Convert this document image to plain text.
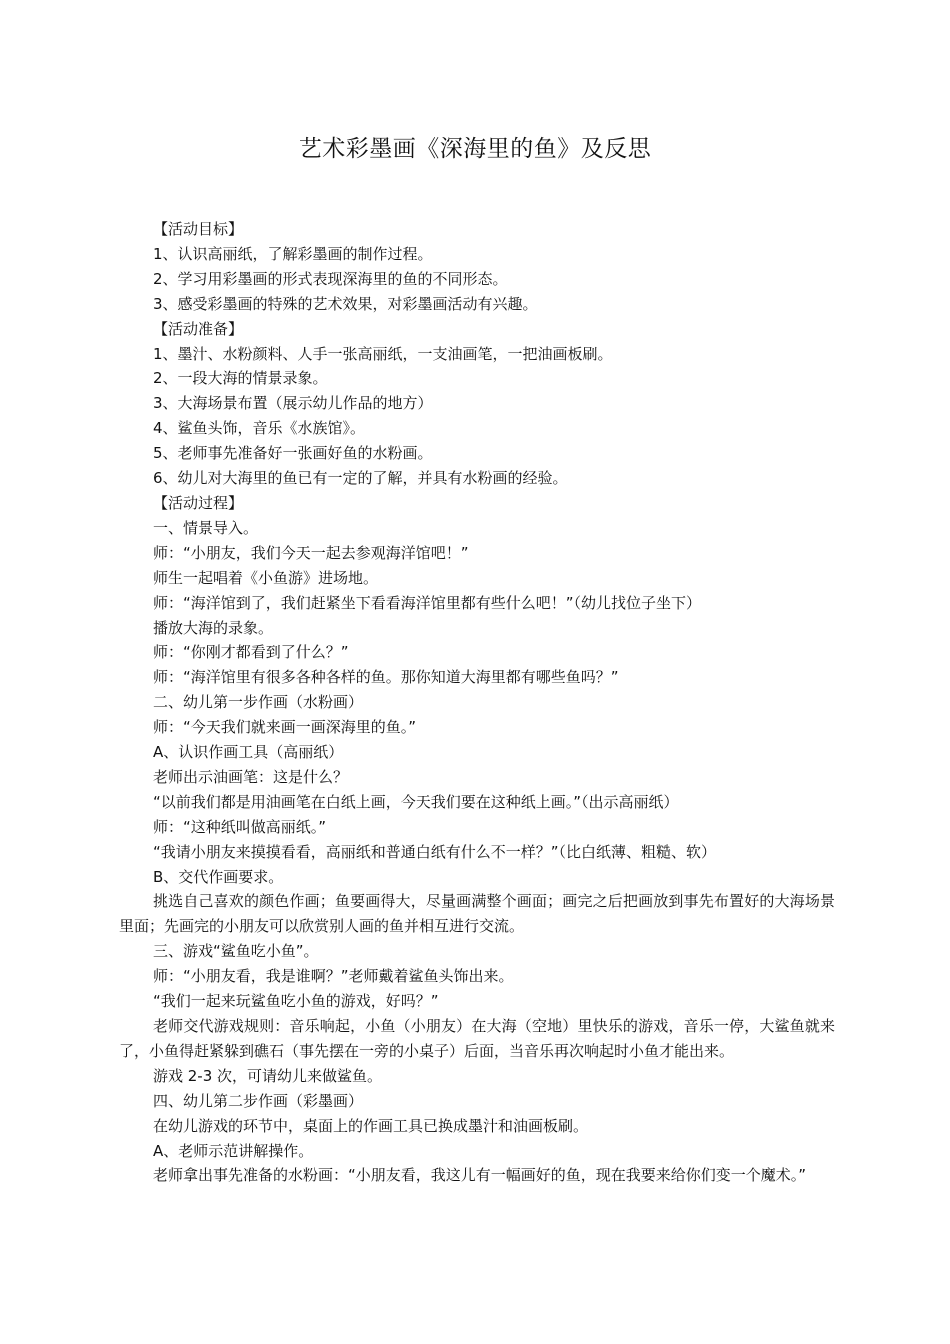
艺术彩墨画《深海里的鱼》及反思

【活动目标】

1、认识高丽纸，了解彩墨画的制作过程。

2、学习用彩墨画的形式表现深海里的鱼的不同形态。

3、感受彩墨画的特殊的艺术效果，对彩墨画活动有兴趣。

【活动准备】

1、墨汁、水粉颜料、人手一张高丽纸，一支油画笔，一把油画板刷。

2、一段大海的情景录象。

3、大海场景布置（展示幼儿作品的地方）

4、鲨鱼头饰，音乐《水族馆》。

5、老师事先准备好一张画好鱼的水粉画。

6、幼儿对大海里的鱼已有一定的了解，并具有水粉画的经验。

【活动过程】

一、情景导入。

师：“小朋友，我们今天一起去参观海洋馆吧！”

师生一起唱着《小鱼游》进场地。

师：“海洋馆到了，我们赶紧坐下看看海洋馆里都有些什么吧！”（幼儿找位子坐下）

播放大海的录象。

师：“你刚才都看到了什么？”

师：“海洋馆里有很多各种各样的鱼。那你知道大海里都有哪些鱼吗？”

二、幼儿第一步作画（水粉画）

师：“今天我们就来画一画深海里的鱼。”

A、认识作画工具（高丽纸）

老师出示油画笔：这是什么？

“以前我们都是用油画笔在白纸上画，今天我们要在这种纸上画。”（出示高丽纸）

师：“这种纸叫做高丽纸。”

“我请小朋友来摸摸看看，高丽纸和普通白纸有什么不一样？”（比白纸薄、粗糙、软）

B、交代作画要求。

挑选自己喜欢的颜色作画；鱼要画得大，尽量画满整个画面；画完之后把画放到事先布置好的大海场景里面；先画完的小朋友可以欣赏别人画的鱼并相互进行交流。

三、游戏“鲨鱼吃小鱼”。

师：“小朋友看，我是谁啊？”老师戴着鲨鱼头饰出来。

“我们一起来玩鲨鱼吃小鱼的游戏，好吗？”

老师交代游戏规则：音乐响起，小鱼（小朋友）在大海（空地）里快乐的游戏，音乐一停，大鲨鱼就来了，小鱼得赶紧躲到礁石（事先摆在一旁的小桌子）后面，当音乐再次响起时小鱼才能出来。

游戏 2-3 次，可请幼儿来做鲨鱼。

四、幼儿第二步作画（彩墨画）

在幼儿游戏的环节中，桌面上的作画工具已换成墨汁和油画板刷。

A、老师示范讲解操作。

老师拿出事先准备的水粉画：“小朋友看，我这儿有一幅画好的鱼，现在我要来给你们变一个魔术。”
